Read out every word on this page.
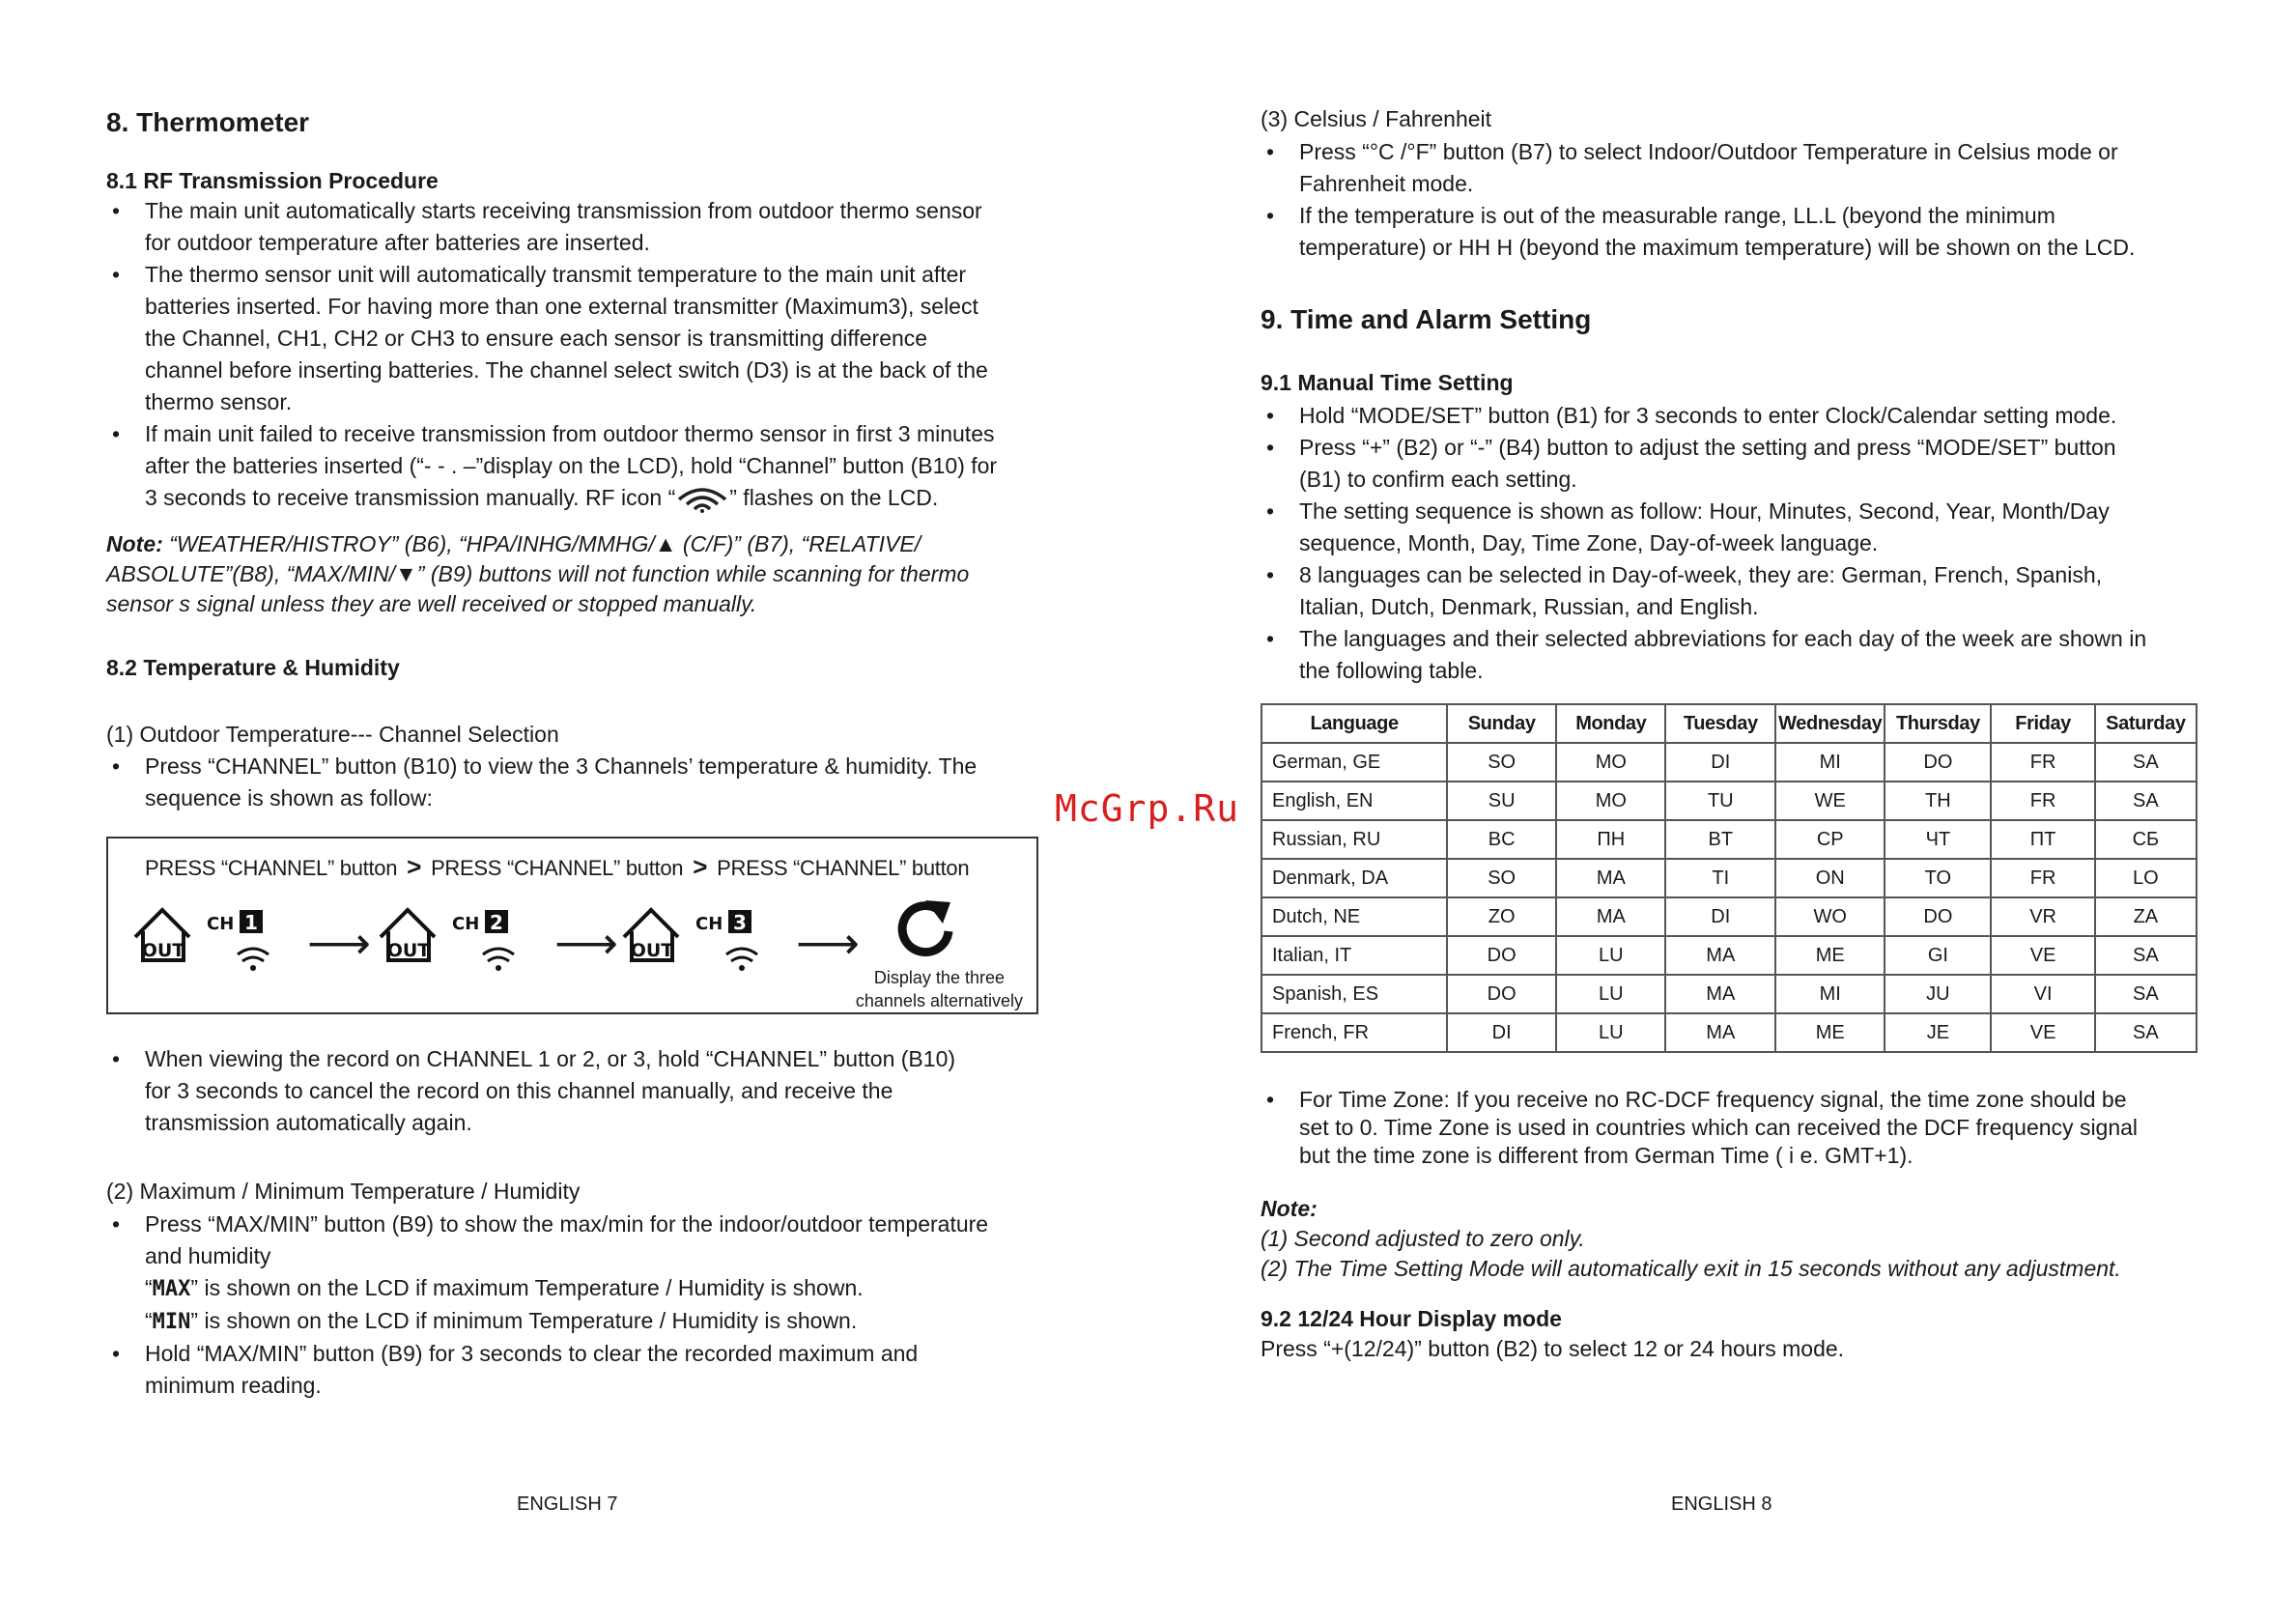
8. Thermometer
8.1 RF Transmission Procedure
• The main unit automatically starts receiving transmission from outdoor thermo sensor
for outdoor temperature after batteries are inserted.
• The thermo sensor unit will automatically transmit temperature to the main unit after
batteries inserted. For having more than one external transmitter (Maximum3), select
the Channel, CH1, CH2 or CH3 to ensure each sensor is transmitting difference
channel before inserting batteries. The channel select switch (D3) is at the back of the
thermo sensor.
• If main unit failed to receive transmission from outdoor thermo sensor in first 3 minutes
after the batteries inserted (“- - . –”display on the LCD), hold “Channel” button (B10) for
3 seconds to receive transmission manually. RF icon “ ” flashes on the LCD.

Note: “WEATHER/HISTROY” (B6), “HPA/INHG/MMHG/▲ (C/F)” (B7), “RELATIVE/
ABSOLUTE”(B8), “MAX/MIN/▼” (B9) buttons will not function while scanning for thermo
sensor s signal unless they are well received or stopped manually.

8.2 Temperature & Humidity

(1) Outdoor Temperature--- Channel Selection

• Press “CHANNEL” button (B10) to view the 3 Channels’ temperature & humidity. The
sequence is shown as follow:
PRESS “CHANNEL” button > PRESS “CHANNEL” button > PRESS “CHANNEL” button
OUT
CH 1 ⟶ OUT
CH 2 ⟶ OUT
CH 3 ⟶
Display the three
channels alternatively
• When viewing the record on CHANNEL 1 or 2, or 3, hold “CHANNEL” button (B10)
for 3 seconds to cancel the record on this channel manually, and receive the
transmission automatically again.

(2) Maximum / Minimum Temperature / Humidity

• Press “MAX/MIN” button (B9) to show the max/min for the indoor/outdoor temperature
and humidity
“MAX” is shown on the LCD if maximum Temperature / Humidity is shown.
“MIN” is shown on the LCD if minimum Temperature / Humidity is shown.
• Hold “MAX/MIN” button (B9) for 3 seconds to clear the recorded maximum and
minimum reading.
ENGLISH 7

(3) Celsius / Fahrenheit

• Press “°C /°F” button (B7) to select Indoor/Outdoor Temperature in Celsius mode or
Fahrenheit mode.
• If the temperature is out of the measurable range, LL.L (beyond the minimum
temperature) or HH H (beyond the maximum temperature) will be shown on the LCD.
9. Time and Alarm Setting
9.1 Manual Time Setting
• Hold “MODE/SET” button (B1) for 3 seconds to enter Clock/Calendar setting mode.
• Press “+” (B2) or “-” (B4) button to adjust the setting and press “MODE/SET” button
(B1) to confirm each setting.
• The setting sequence is shown as follow: Hour, Minutes, Second, Year, Month/Day
sequence, Month, Day, Time Zone, Day-of-week language.
• 8 languages can be selected in Day-of-week, they are: German, French, Spanish,
Italian, Dutch, Denmark, Russian, and English.
• The languages and their selected abbreviations for each day of the week are shown in
the following table.
Language	Sunday	Monday	Tuesday	Wednesday	Thursday	Friday	Saturday
German, GE	SO	MO	DI	MI	DO	FR	SA
English, EN	SU	MO	TU	WE	TH	FR	SA
Russian, RU	BC	ПН	BT	CP	ЧТ	ПТ	СБ
Denmark, DA	SO	MA	TI	ON	TO	FR	LO
Dutch, NE	ZO	MA	DI	WO	DO	VR	ZA
Italian, IT	DO	LU	MA	ME	GI	VE	SA
Spanish, ES	DO	LU	MA	MI	JU	VI	SA
French, FR	DI	LU	MA	ME	JE	VE	SA
• For Time Zone: If you receive no RC-DCF frequency signal, the time zone should be
set to 0. Time Zone is used in countries which can received the DCF frequency signal
but the time zone is different from German Time ( i e. GMT+1).

Note:
(1) Second adjusted to zero only.
(2) The Time Setting Mode will automatically exit in 15 seconds without any adjustment.

9.2 12/24 Hour Display mode

Press “+(12/24)” button (B2) to select 12 or 24 hours mode.

ENGLISH 8
McGrp.Ru
